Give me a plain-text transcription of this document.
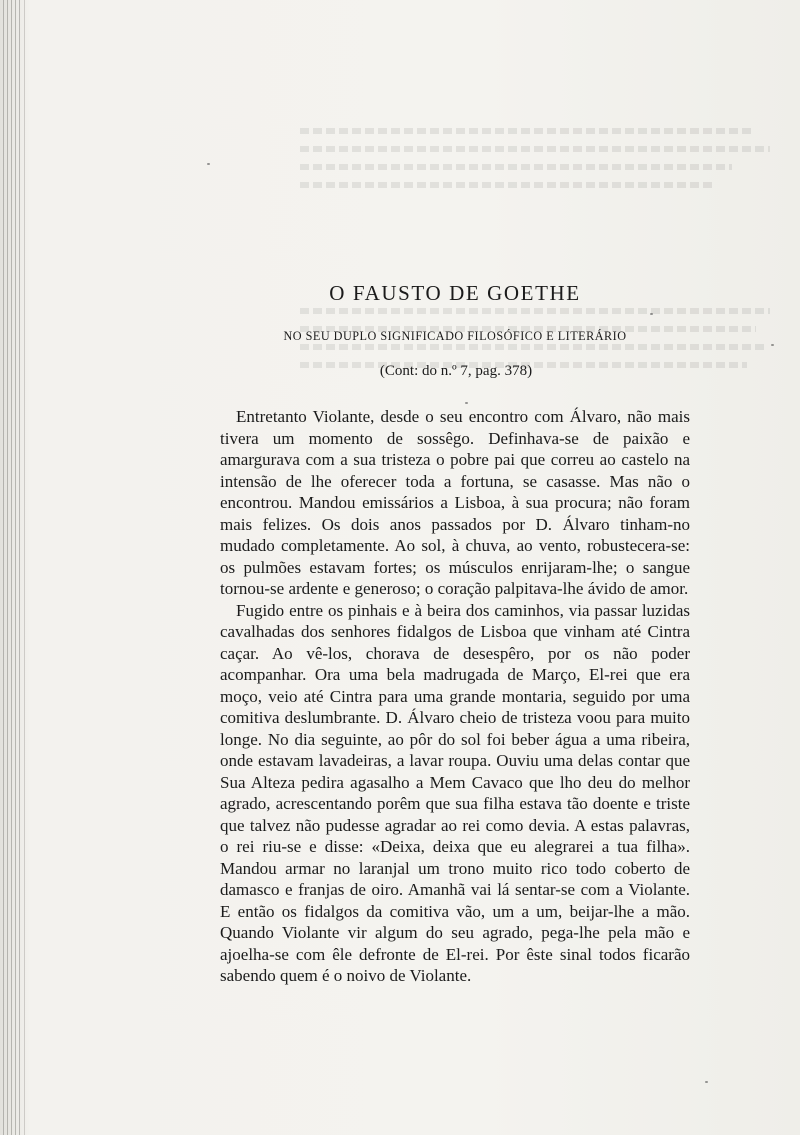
O FAUSTO DE GOETHE
NO SEU DUPLO SIGNIFICADO FILOSÓFICO E LITERÁRIO
(Cont: do n.º 7, pag. 378)

Entretanto Violante, desde o seu encontro com Álvaro, não mais tivera um momento de sossêgo. Definhava-se de paixão e amargurava com a sua tristeza o pobre pai que correu ao castelo na intensão de lhe oferecer toda a fortuna, se casasse. Mas não o encontrou. Mandou emissários a Lisboa, à sua procura; não foram mais felizes. Os dois anos passados por D. Álvaro tinham-no mudado completamente. Ao sol, à chuva, ao vento, robustecera-se: os pulmões estavam fortes; os músculos enrijaram-lhe; o sangue tornou-se ardente e generoso; o coração palpitava-lhe ávido de amor.

Fugido entre os pinhais e à beira dos caminhos, via passar luzidas cavalhadas dos senhores fidalgos de Lisboa que vinham até Cintra caçar. Ao vê-los, chorava de desespêro, por os não poder acompanhar. Ora uma bela madrugada de Março, El-rei que era moço, veio até Cintra para uma grande montaria, seguido por uma comitiva deslumbrante. D. Álvaro cheio de tristeza voou para muito longe. No dia seguinte, ao pôr do sol foi beber água a uma ribeira, onde estavam lavadeiras, a lavar roupa. Ouviu uma delas contar que Sua Alteza pedira agasalho a Mem Cavaco que lho deu do melhor agrado, acrescentando porêm que sua filha estava tão doente e triste que talvez não pudesse agradar ao rei como devia. A estas palavras, o rei riu-se e disse: «Deixa, deixa que eu alegrarei a tua filha». Mandou armar no laranjal um trono muito rico todo coberto de damasco e franjas de oiro. Amanhã vai lá sentar-se com a Violante. E então os fidalgos da comitiva vão, um a um, beijar-lhe a mão. Quando Violante vir algum do seu agrado, pega-lhe pela mão e ajoelha-se com êle defronte de El-rei. Por êste sinal todos ficarão sabendo quem é o noivo de Violante.
